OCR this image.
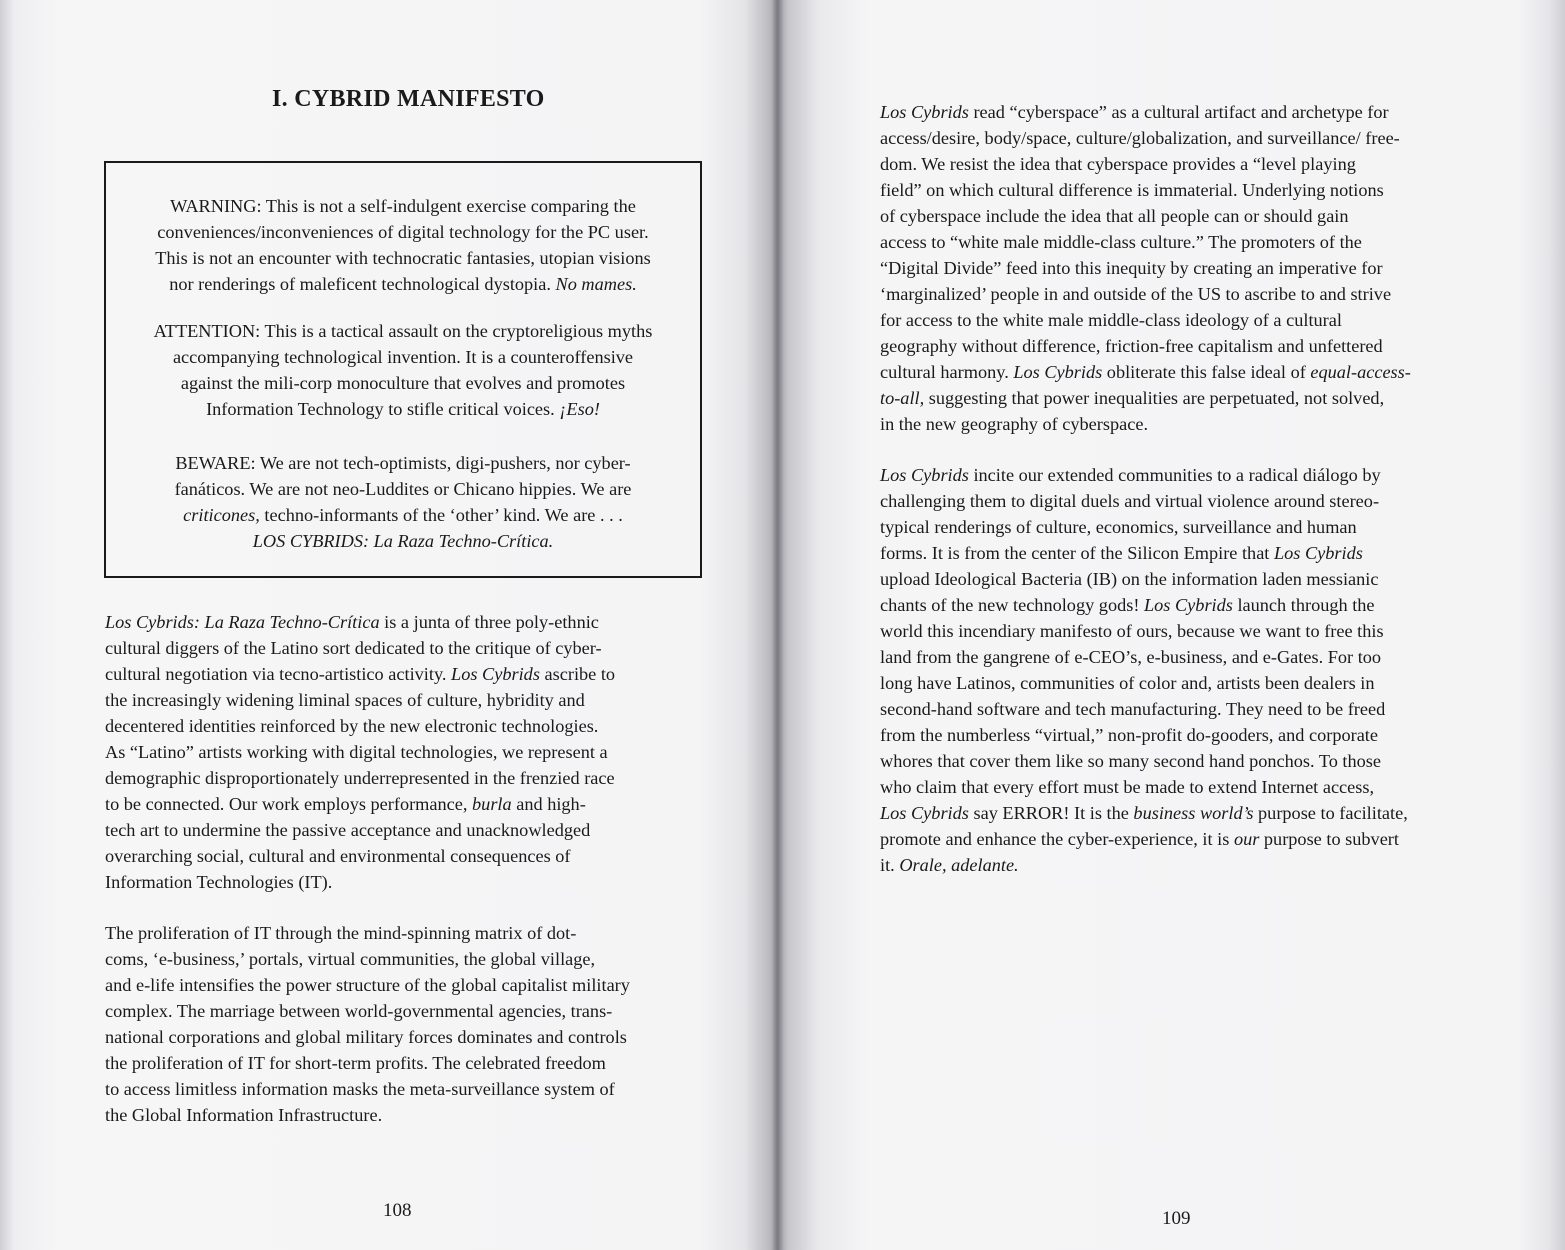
I. CYBRID MANIFESTO

WARNING: This is not a self-indulgent exercise comparing the
conveniences/inconveniences of digital technology for the PC user.
This is not an encounter with technocratic fantasies, utopian visions
nor renderings of maleficent technological dystopia. No mames.

ATTENTION: This is a tactical assault on the cryptoreligious myths
accompanying technological invention. It is a counteroffensive
against the mili-corp monoculture that evolves and promotes
Information Technology to stifle critical voices. ¡Eso!

BEWARE: We are not tech-optimists, digi-pushers, nor cyber-
fanáticos. We are not neo-Luddites or Chicano hippies. We are
criticones, techno-informants of the ‘other’ kind. We are . . .
LOS CYBRIDS: La Raza Techno-Crítica.

Los Cybrids: La Raza Techno-Crítica is a junta of three poly-ethnic
cultural diggers of the Latino sort dedicated to the critique of cyber-
cultural negotiation via tecno-artistico activity. Los Cybrids ascribe to
the increasingly widening liminal spaces of culture, hybridity and
decentered identities reinforced by the new electronic technologies.
As “Latino” artists working with digital technologies, we represent a
demographic disproportionately underrepresented in the frenzied race
to be connected. Our work employs performance, burla and high-
tech art to undermine the passive acceptance and unacknowledged
overarching social, cultural and environmental consequences of
Information Technologies (IT).

The proliferation of IT through the mind-spinning matrix of dot-
coms, ‘e-business,’ portals, virtual communities, the global village,
and e-life intensifies the power structure of the global capitalist military
complex. The marriage between world-governmental agencies, trans-
national corporations and global military forces dominates and controls
the proliferation of IT for short-term profits. The celebrated freedom
to access limitless information masks the meta-surveillance system of
the Global Information Infrastructure.

108

Los Cybrids read “cyberspace” as a cultural artifact and archetype for
access/desire, body/space, culture/globalization, and surveillance/ free-
dom. We resist the idea that cyberspace provides a “level playing
field” on which cultural difference is immaterial. Underlying notions
of cyberspace include the idea that all people can or should gain
access to “white male middle-class culture.” The promoters of the
“Digital Divide” feed into this inequity by creating an imperative for
‘marginalized’ people in and outside of the US to ascribe to and strive
for access to the white male middle-class ideology of a cultural
geography without difference, friction-free capitalism and unfettered
cultural harmony. Los Cybrids obliterate this false ideal of equal-access-
to-all, suggesting that power inequalities are perpetuated, not solved,
in the new geography of cyberspace.

Los Cybrids incite our extended communities to a radical diálogo by
challenging them to digital duels and virtual violence around stereo-
typical renderings of culture, economics, surveillance and human
forms. It is from the center of the Silicon Empire that Los Cybrids
upload Ideological Bacteria (IB) on the information laden messianic
chants of the new technology gods! Los Cybrids launch through the
world this incendiary manifesto of ours, because we want to free this
land from the gangrene of e-CEO’s, e-business, and e-Gates. For too
long have Latinos, communities of color and, artists been dealers in
second-hand software and tech manufacturing. They need to be freed
from the numberless “virtual,” non-profit do-gooders, and corporate
whores that cover them like so many second hand ponchos. To those
who claim that every effort must be made to extend Internet access,
Los Cybrids say ERROR! It is the business world’s purpose to facilitate,
promote and enhance the cyber-experience, it is our purpose to subvert
it. Orale, adelante.

109
